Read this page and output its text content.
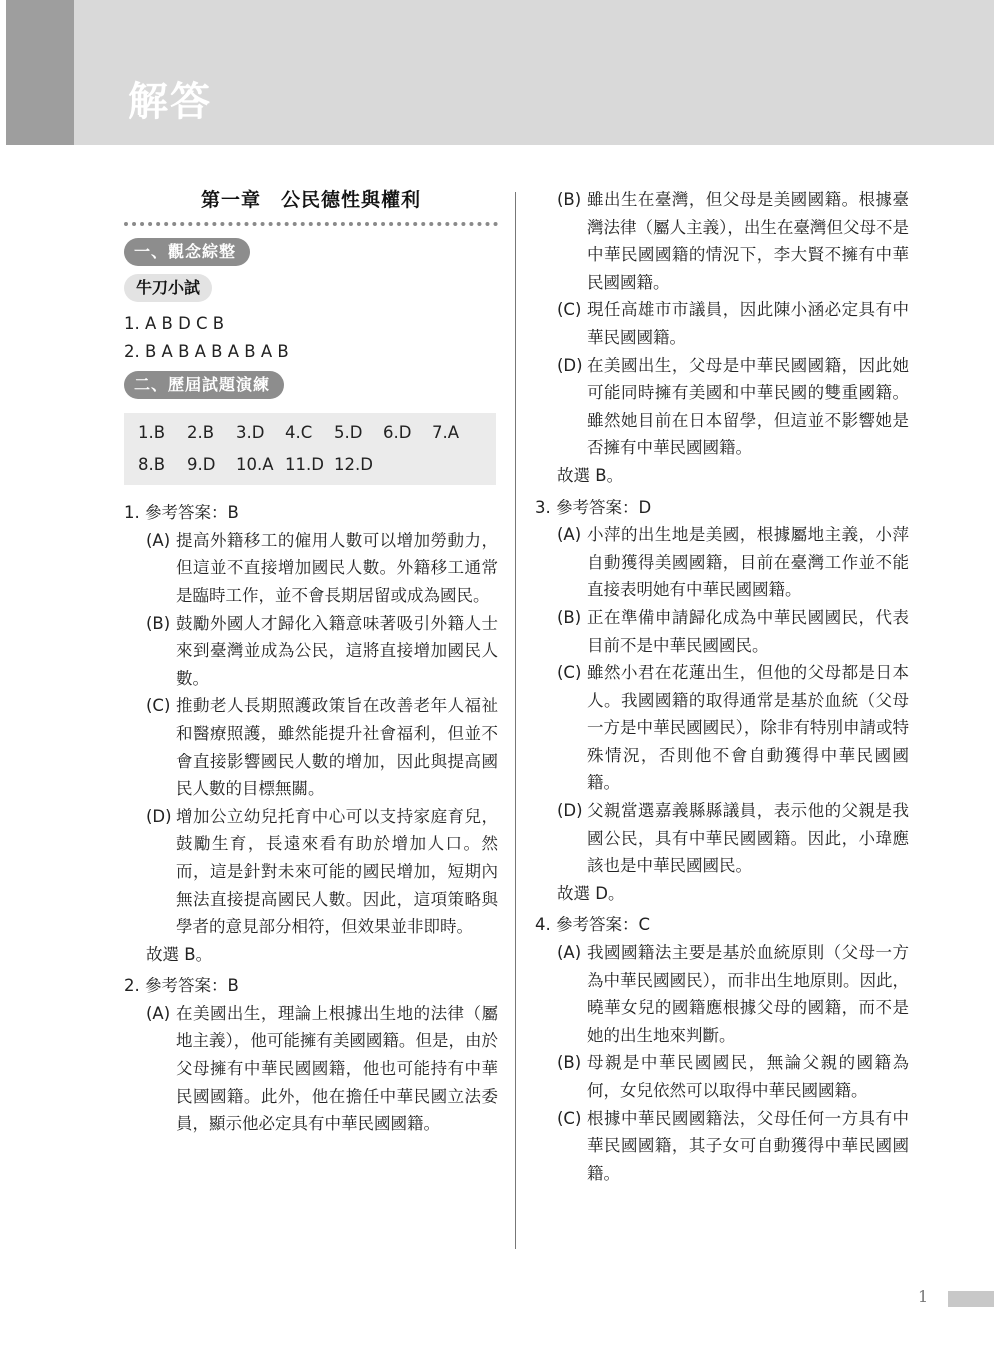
解答
第一章　公民德性與權利
一、觀念綜整
牛刀小試

1. A B D C B

2. B A B A B A B A B

二、歷屆試題演練
1.B	2.B	3.D	4.C	5.D	6.D	7.A
8.B	9.D	10.A 11.D 12.D
1. 參考答案：B
(A) 提高外籍移工的僱用人數可以增加勞動力，但這並不直接增加國民人數。外籍移工通常是臨時工作，並不會長期居留或成為國民。
(B) 鼓勵外國人才歸化入籍意味著吸引外籍人士來到臺灣並成為公民，這將直接增加國民人數。
(C) 推動老人長期照護政策旨在改善老年人福祉和醫療照護，雖然能提升社會福利，但並不會直接影響國民人數的增加，因此與提高國民人數的目標無關。
(D) 增加公立幼兒托育中心可以支持家庭育兒，鼓勵生育，長遠來看有助於增加人口。然而，這是針對未來可能的國民增加，短期內無法直接提高國民人數。因此，這項策略與學者的意見部分相符，但效果並非即時。
故選 B。
2. 參考答案：B
(A) 在美國出生，理論上根據出生地的法律（屬地主義），他可能擁有美國國籍。但是，由於父母擁有中華民國國籍，他也可能持有中華民國國籍。此外，他在擔任中華民國立法委員，顯示他必定具有中華民國國籍。
(B) 雖出生在臺灣，但父母是美國國籍。根據臺灣法律（屬人主義），出生在臺灣但父母不是中華民國國籍的情況下，李大賢不擁有中華民國國籍。
(C) 現任高雄市市議員，因此陳小涵必定具有中華民國國籍。
(D) 在美國出生，父母是中華民國國籍，因此她可能同時擁有美國和中華民國的雙重國籍。雖然她目前在日本留學，但這並不影響她是否擁有中華民國國籍。
故選 B。
3. 參考答案：D
(A) 小萍的出生地是美國，根據屬地主義，小萍自動獲得美國國籍，目前在臺灣工作並不能直接表明她有中華民國國籍。
(B) 正在準備申請歸化成為中華民國國民，代表目前不是中華民國國民。
(C) 雖然小君在花蓮出生，但他的父母都是日本人。我國國籍的取得通常是基於血統（父母一方是中華民國國民），除非有特別申請或特殊情況，否則他不會自動獲得中華民國國籍。
(D) 父親當選嘉義縣縣議員，表示他的父親是我國公民，具有中華民國國籍。因此，小瑋應該也是中華民國國民。
故選 D。
4. 參考答案：C
(A) 我國國籍法主要是基於血統原則（父母一方為中華民國國民），而非出生地原則。因此，曉華女兒的國籍應根據父母的國籍，而不是她的出生地來判斷。
(B) 母親是中華民國國民，無論父親的國籍為何，女兒依然可以取得中華民國國籍。
(C) 根據中華民國國籍法，父母任何一方具有中華民國國籍，其子女可自動獲得中華民國國籍。
1
